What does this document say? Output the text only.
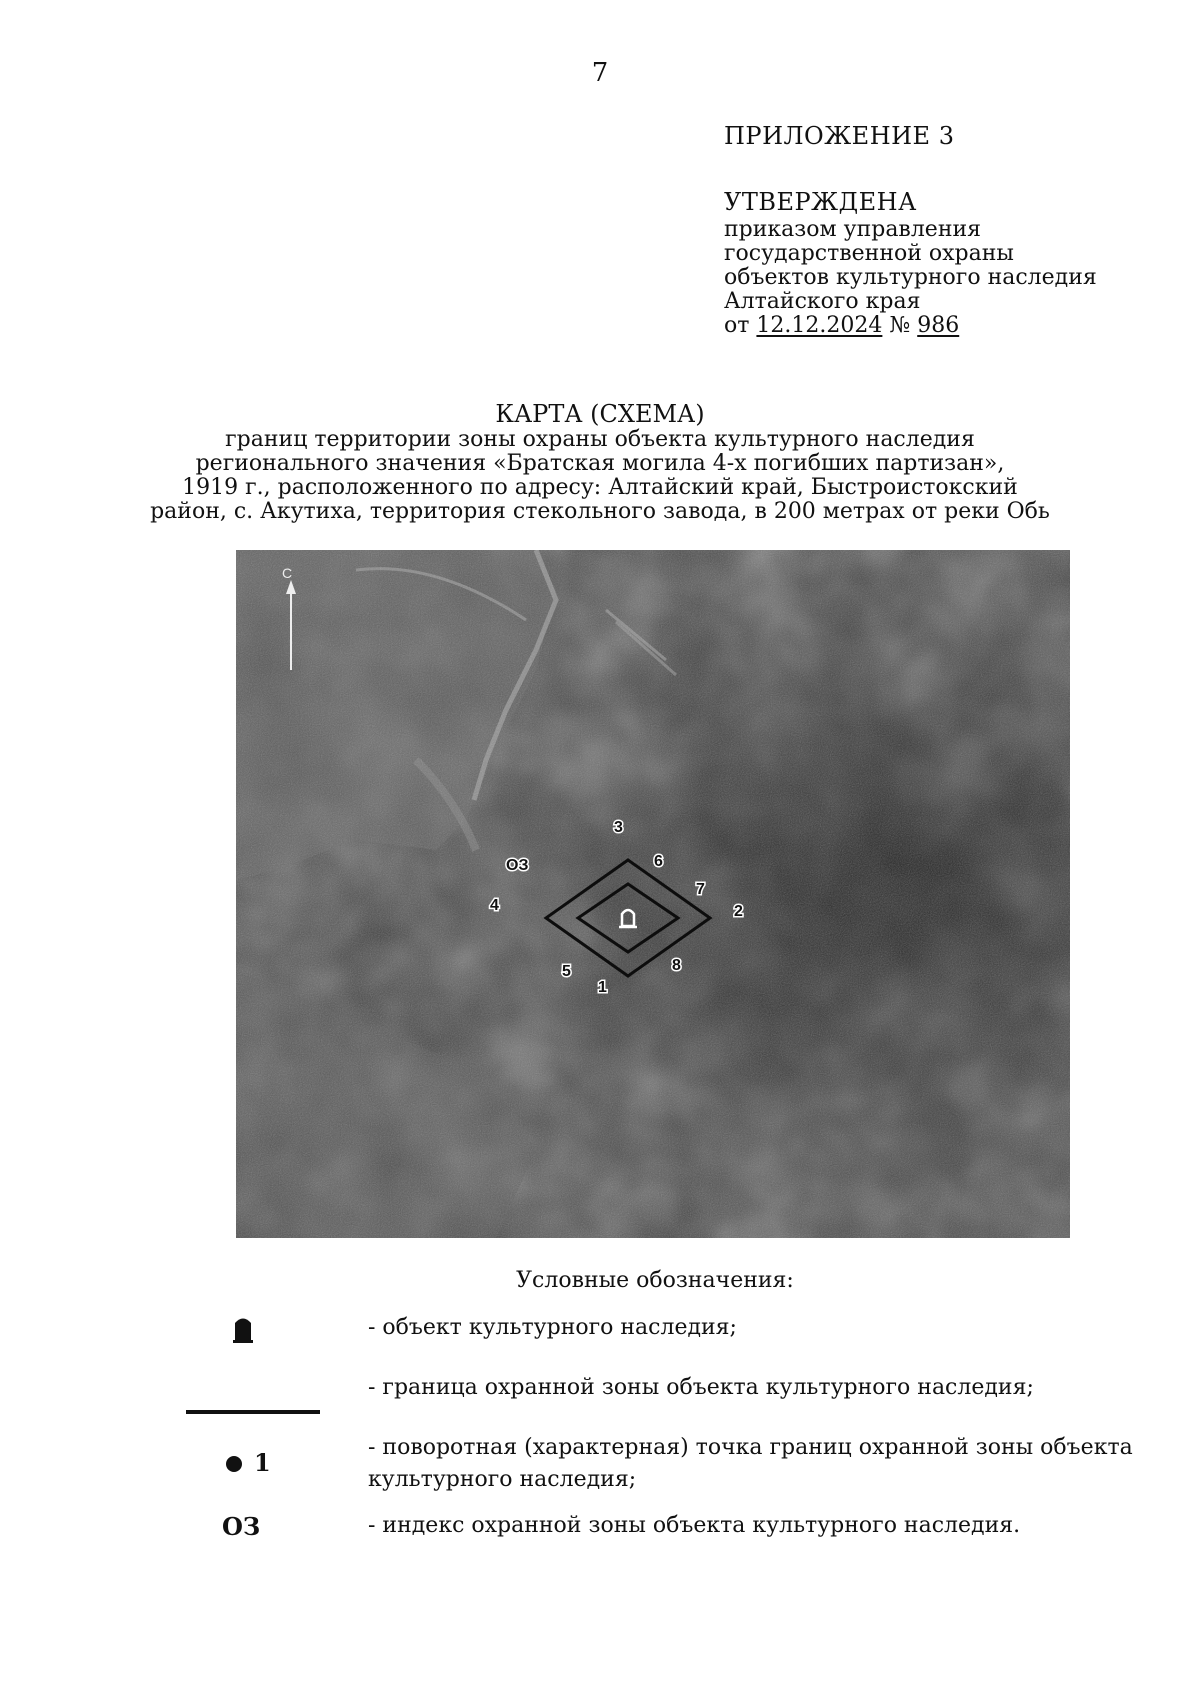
7
ПРИЛОЖЕНИЕ 3
УТВЕРЖДЕНА
приказом управления
государственной охраны
объектов культурного наследия
Алтайского края
от 12.12.2024 № 986
КАРТА (СХЕМА)
границ территории зоны охраны объекта культурного наследия
регионального значения «Братская могила 4-х погибших партизан»,
1919 г., расположенного по адресу: Алтайский край, Быстроистокский
район, с. Акутиха, территория стекольного завода, в 200 метрах от реки Обь
С
ОЗ
1
2
3
4
5
6
7
8
Условные обозначения:
- объект культурного наследия;
- граница охранной зоны объекта культурного наследия;
1
- поворотная (характерная) точка границ охранной зоны объекта культурного наследия;
ОЗ	- индекс охранной зоны объекта культурного наследия.
